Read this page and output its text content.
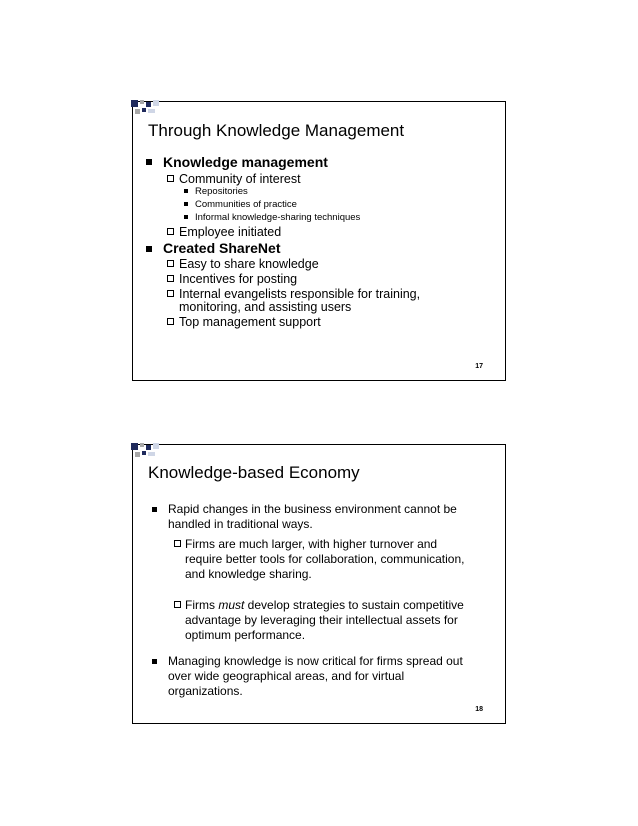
Through Knowledge Management
Knowledge management
Community of interest
Repositories
Communities of practice
Informal knowledge-sharing techniques
Employee initiated
Created ShareNet
Easy to share knowledge
Incentives for posting
Internal evangelists responsible for training,
monitoring, and assisting users
Top management support
17
Knowledge-based Economy
Rapid changes in the business environment cannot be
handled in traditional ways.
Firms are much larger, with higher turnover and
require better tools for collaboration, communication,
and knowledge sharing.
Firms must develop strategies to sustain competitive
advantage by leveraging their intellectual assets for
optimum performance.
Managing knowledge is now critical for firms spread out
over wide geographical areas, and for virtual
organizations.
18
